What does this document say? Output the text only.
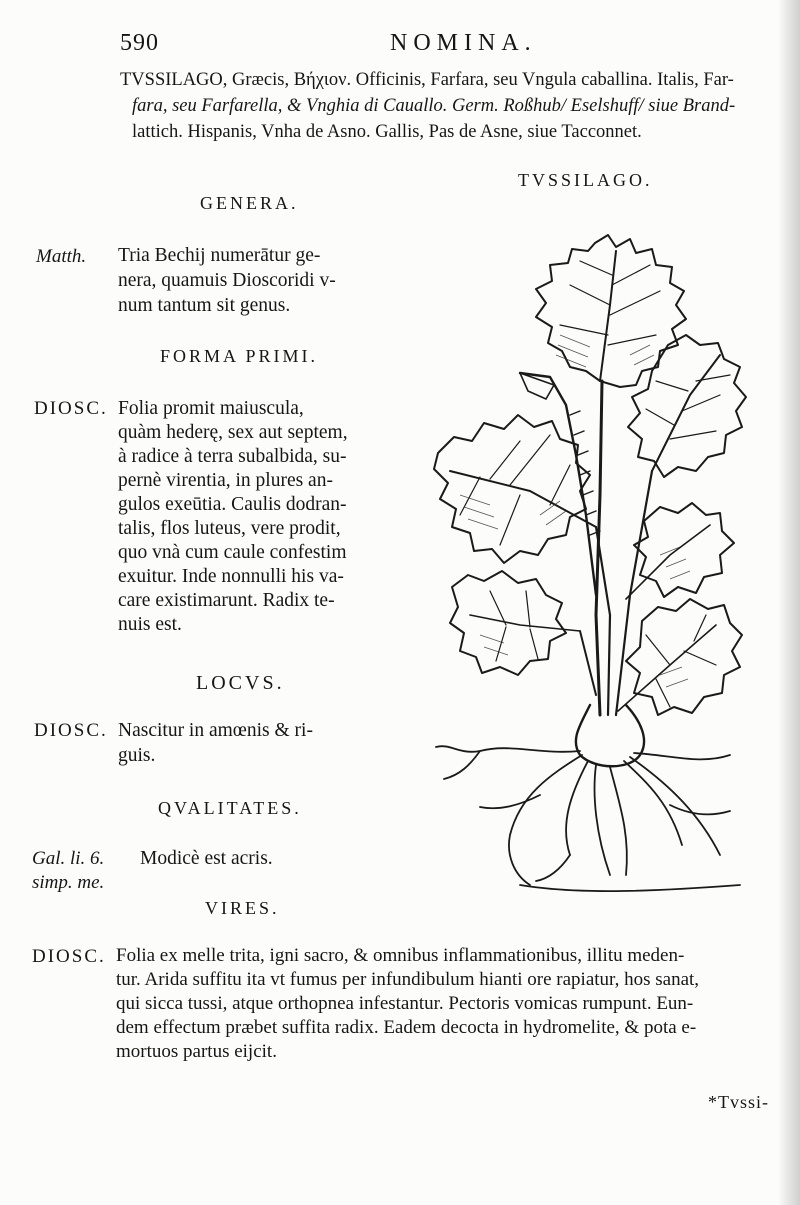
590	NOMINA.
TVSSILAGO, Græcis, Βήχιον. Officinis, Farfara, seu Vngula caballina. Italis, Far-
fara, seu Farfarella, & Vnghia di Cauallo. Germ. Roßhub/ Eselshuff/ siue Brand-
lattich. Hispanis, Vnha de Asno. Gallis, Pas de Asne, siue Tacconnet.
TVSSILAGO.
GENERA.
Matth. Tria Bechij numerātur ge-
nera, quamuis Dioscoridi v-
num tantum sit genus.
FORMA PRIMI.
DIOSC. Folia promit maiuscula,
quàm hederę, sex aut septem,
à radice à terra subalbida, su-
pernè virentia, in plures an-
gulos exeūtia. Caulis dodran-
talis, flos luteus, vere prodit,
quo vnà cum caule confestim
exuitur. Inde nonnulli his va-
care existimarunt. Radix te-
nuis est.
LOCVS.
DIOSC. Nascitur in amœnis & ri-
guis.
QVALITATES.
Gal. li. 6.
simp. me.
Modicè est acris.
VIRES.
DIOSC. Folia ex melle trita, igni sacro, & omnibus inflammationibus, illitu meden-
tur. Arida suffitu ita vt fumus per infundibulum hianti ore rapiatur, hos sanat,
qui sicca tussi, atque orthopnea infestantur. Pectoris vomicas rumpunt. Eun-
dem effectum præbet suffita radix. Eadem decocta in hydromelite, & pota e-
mortuos partus eijcit.
*Tvssi-
